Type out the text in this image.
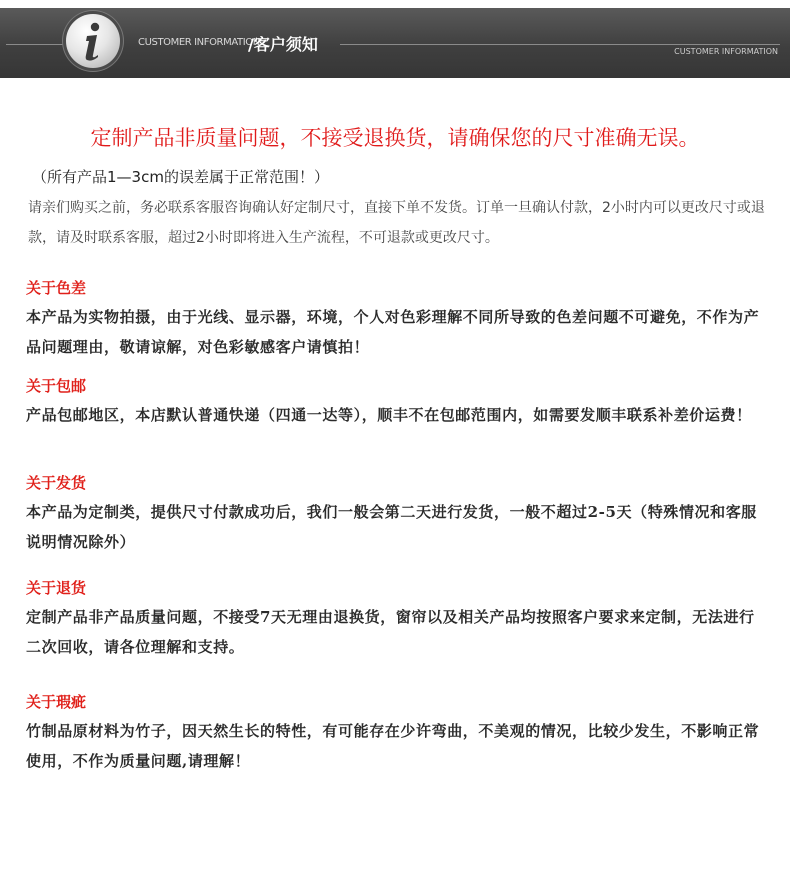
CUSTOMER INFORMATION
/客户须知	CUSTOMER INFORMATION
定制产品非质量问题，不接受退换货，请确保您的尺寸准确无误。
（所有产品1—3cm的误差属于正常范围！）

请亲们购买之前，务必联系客服咨询确认好定制尺寸，直接下单不发货。订单一旦确认付款，2小时内可以更改尺寸或退款，请及时联系客服，超过2小时即将进入生产流程，不可退款或更改尺寸。

关于色差

本产品为实物拍摄，由于光线、显示器，环境，个人对色彩理解不同所导致的色差问题不可避免，不作为产品问题理由，敬请谅解，对色彩敏感客户请慎拍！

关于包邮

产品包邮地区，本店默认普通快递（四通一达等），顺丰不在包邮范围内，如需要发顺丰联系补差价运费！

关于发货

本产品为定制类，提供尺寸付款成功后，我们一般会第二天进行发货，一般不超过2-5天（特殊情况和客服说明情况除外）

关于退货

定制产品非产品质量问题，不接受7天无理由退换货，窗帘以及相关产品均按照客户要求来定制，无法进行二次回收，请各位理解和支持。

关于瑕疵

竹制品原材料为竹子，因天然生长的特性，有可能存在少许弯曲，不美观的情况，比较少发生，不影响正常使用，不作为质量问题,请理解！
